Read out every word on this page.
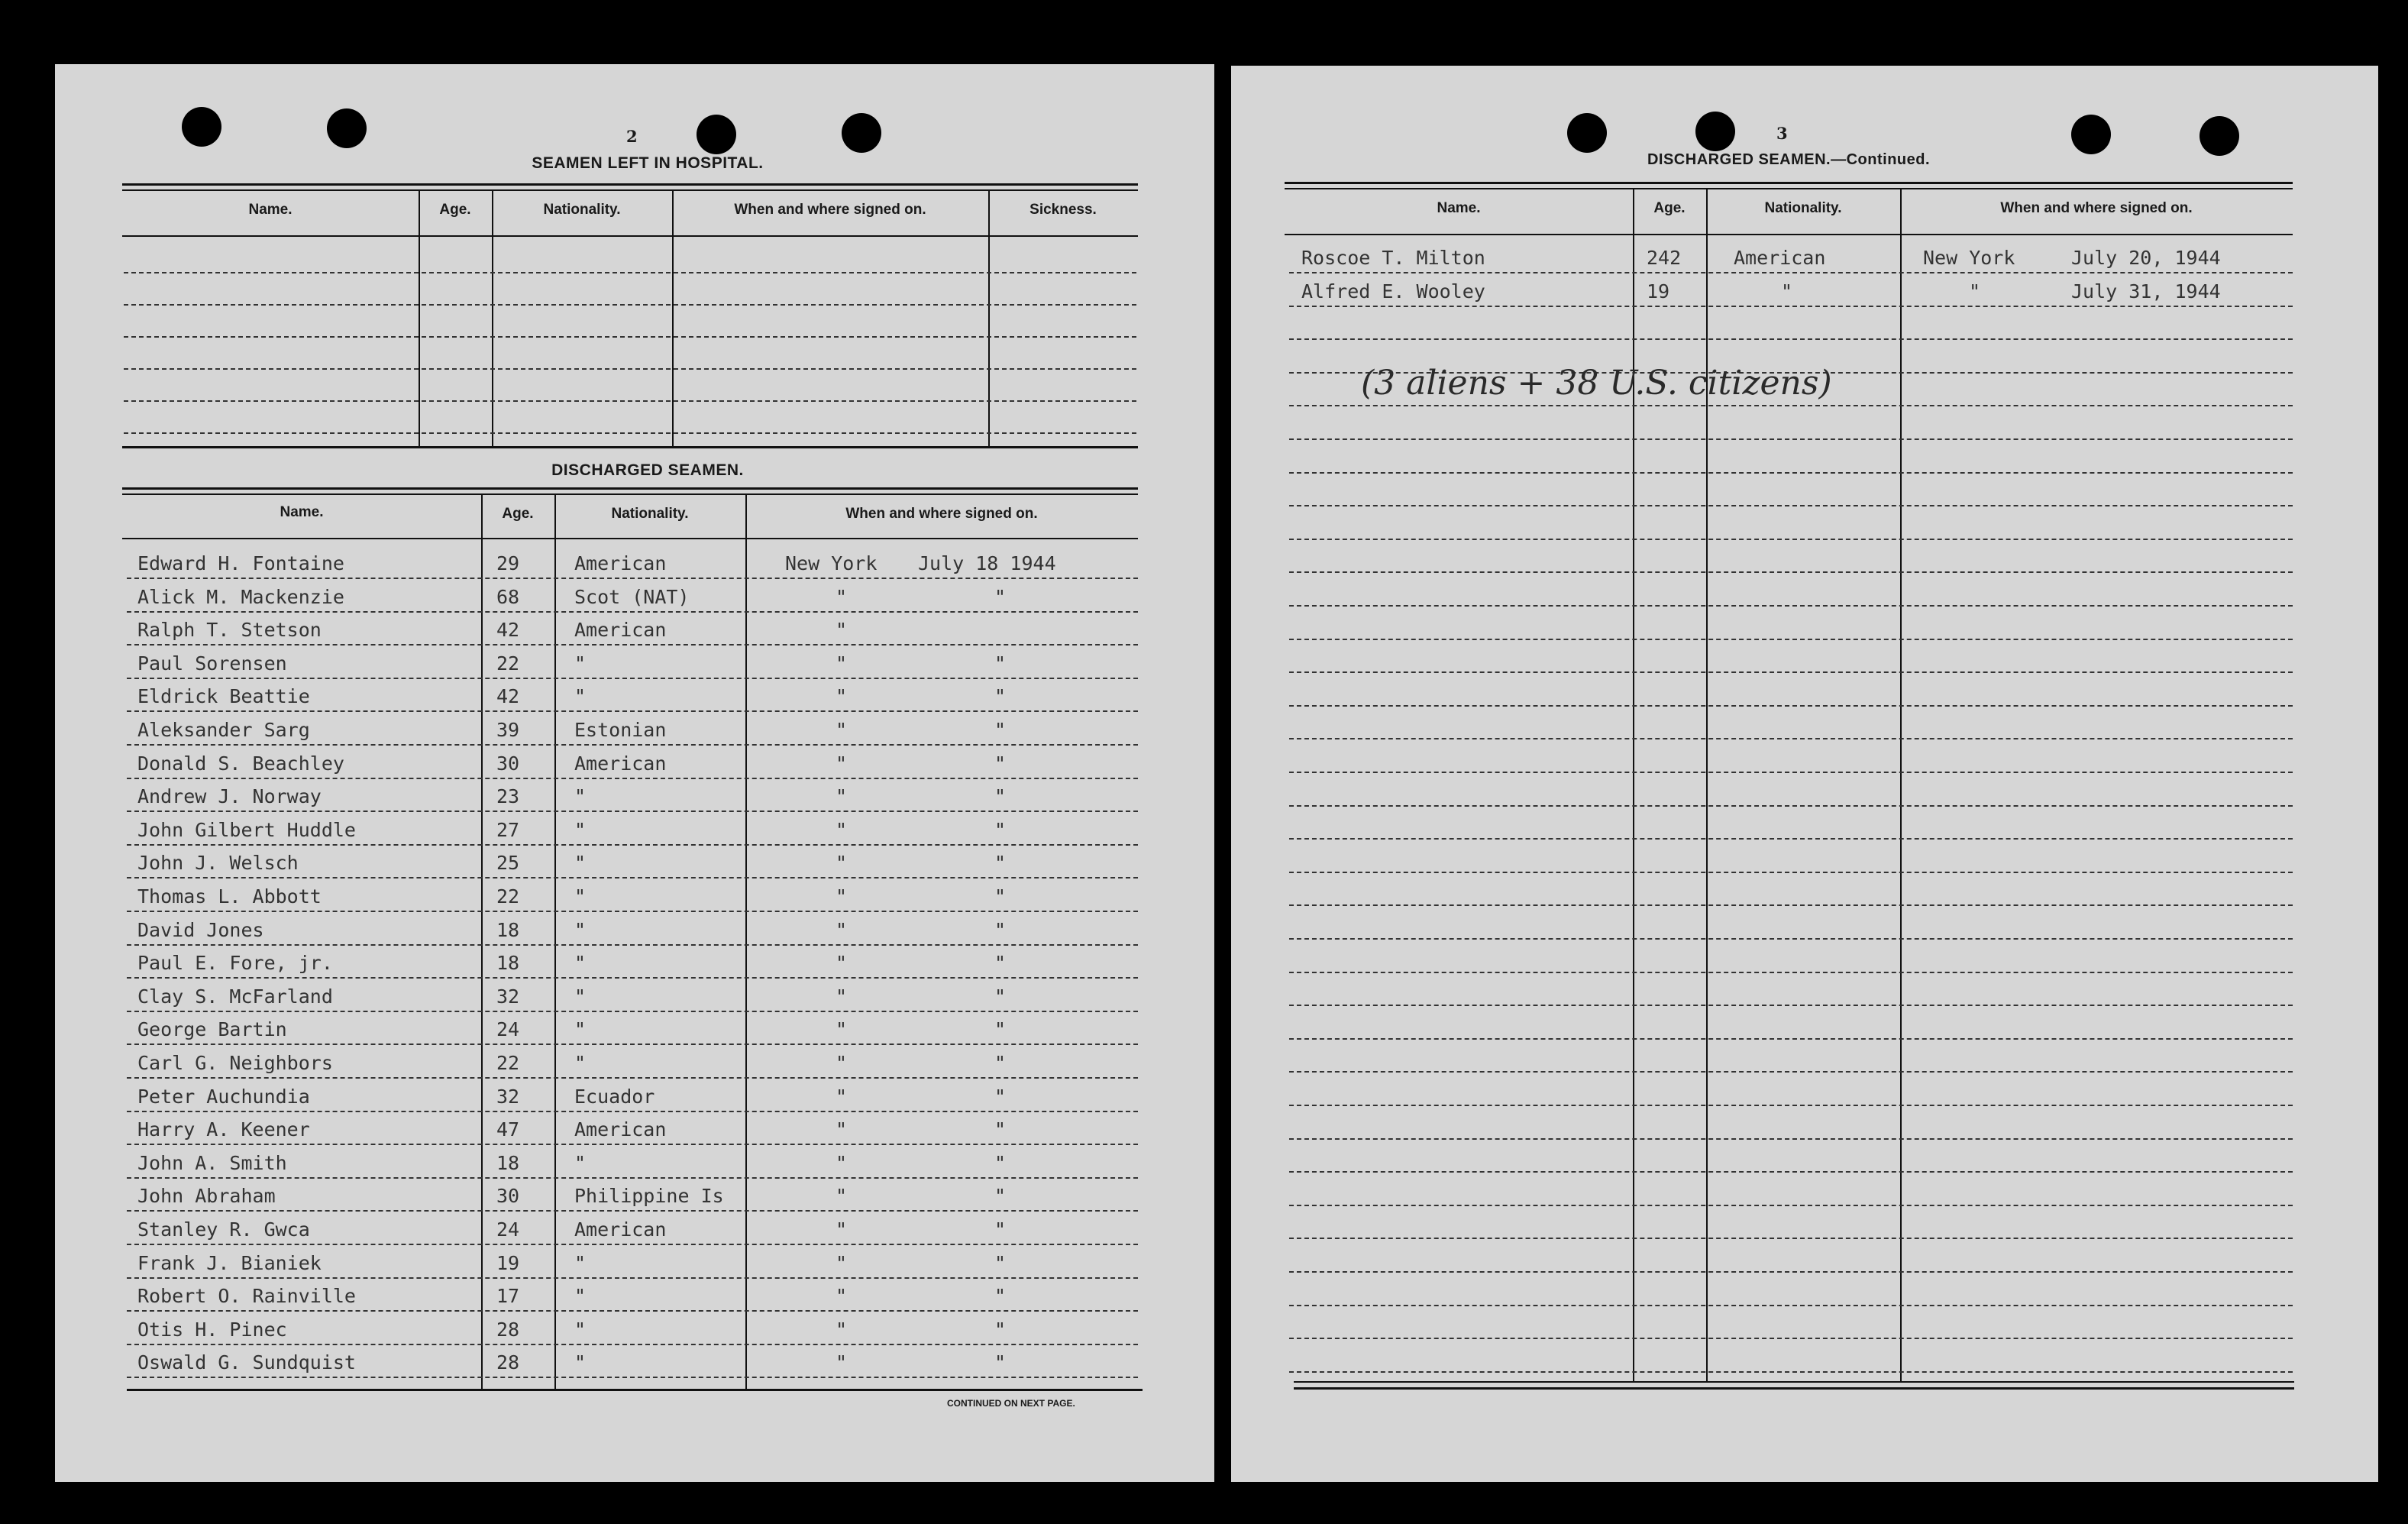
2
SEAMEN LEFT IN HOSPITAL.
Name.	Age.	Nationality.	When and where signed on.	Sickness.
DISCHARGED SEAMEN.
Name.	Age.	Nationality.	When and where signed on.
Edward H. Fontaine	29	American	New York July 18 1944
Alick M. Mackenzie	68	Scot (NAT)	"	"
Ralph T. Stetson	42	American	"
Paul Sorensen	22	"	"	"
Eldrick Beattie	42	"	"	"
Aleksander Sarg	39	Estonian	"	"
Donald S. Beachley	30	American	"	"
Andrew J. Norway	23	"	"	"
John Gilbert Huddle	27	"	"	"
John J. Welsch	25	"	"	"
Thomas L. Abbott	22	"	"	"
David Jones	18	"	"	"
Paul E. Fore, jr.	18	"	"	"
Clay S. McFarland	32	"	"	"
George Bartin	24	"	"	"
Carl G. Neighbors	22	"	"	"
Peter Auchundia	32	Ecuador	"	"
Harry A. Keener	47	American	"	"
John A. Smith	18	"	"	"
John Abraham	30	Philippine Is	"	"
Stanley R. Gwca	24	American	"	"
Frank J. Bianiek	19	"	"	"
Robert O. Rainville	17	"	"	"
Otis H. Pinec	28	"	"	"
Oswald G. Sundquist	28	"	"	"
CONTINUED ON NEXT PAGE.
3
DISCHARGED SEAMEN.—Continued.
Name.	Age.	Nationality.	When and where signed on.
Roscoe T. Milton	242	American	New York	July 20, 1944
Alfred E. Wooley	19	"	"	July 31, 1944
(3 aliens + 38 U.S. citizens)
